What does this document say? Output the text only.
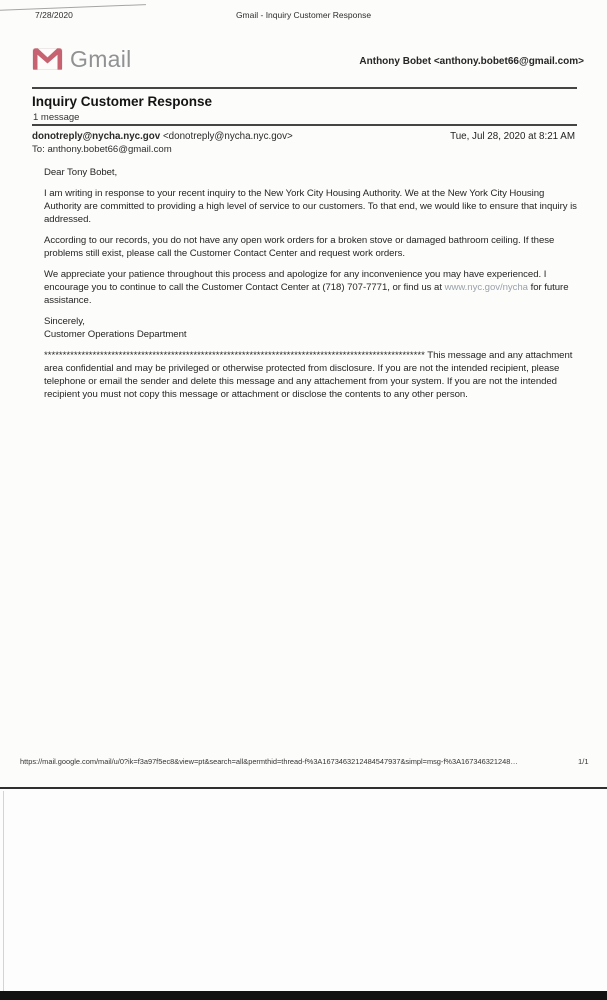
7/28/2020	Gmail - Inquiry Customer Response
Gmail	Anthony Bobet <anthony.bobet66@gmail.com>
Inquiry Customer Response
1 message
donotreply@nycha.nyc.gov <donotreply@nycha.nyc.gov>	Tue, Jul 28, 2020 at 8:21 AM
To: anthony.bobet66@gmail.com

Dear Tony Bobet,

I am writing in response to your recent inquiry to the New York City Housing Authority. We at the New York City Housing Authority are committed to providing a high level of service to our customers. To that end, we would like to ensure that inquiry is addressed.

According to our records, you do not have any open work orders for a broken stove or damaged bathroom ceiling. If these problems still exist, please call the Customer Contact Center and request work orders.

We appreciate your patience throughout this process and apologize for any inconvenience you may have experienced. I encourage you to continue to call the Customer Contact Center at (718) 707-7771, or find us at www.nyc.gov/nycha for future assistance.

Sincerely,
Customer Operations Department

****************************************************************************************************** This message and any attachment area confidential and may be privileged or otherwise protected from disclosure. If you are not the intended recipient, please telephone or email the sender and delete this message and any attachement from your system. If you are not the intended recipient you must not copy this message or attachment or disclose the contents to any other person.

https://mail.google.com/mail/u/0?ik=f3a97f5ec8&view=pt&search=all&permthid=thread-f%3A1673463212484547937&simpl=msg-f%3A167346321248…	1/1
